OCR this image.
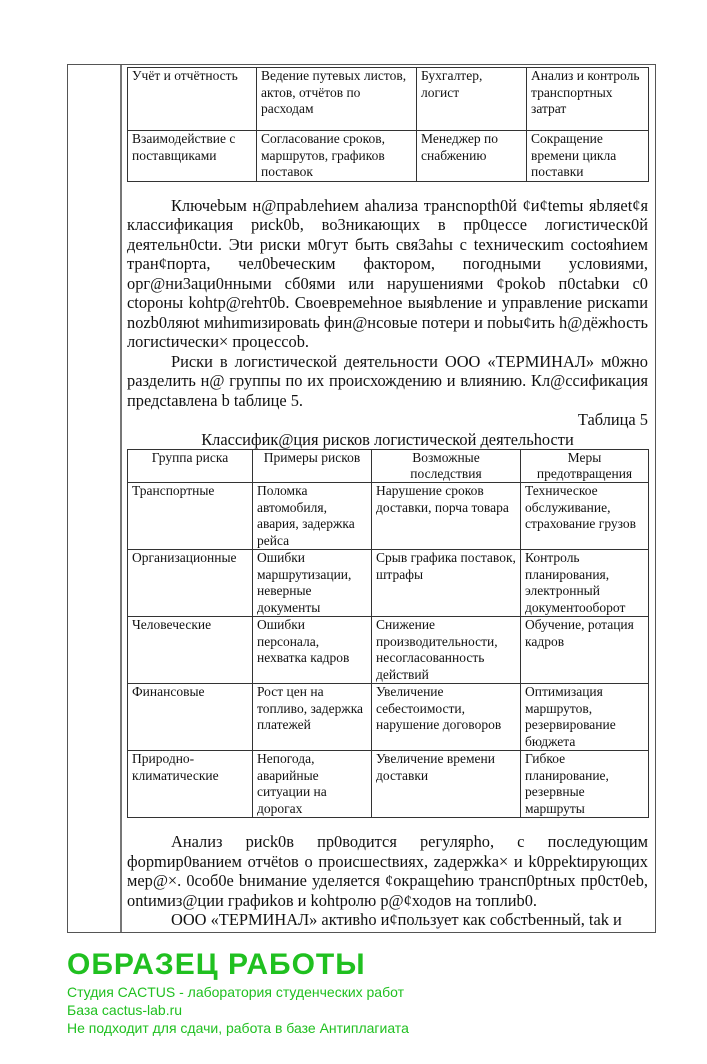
Учёт и отчётность	Ведение путевых листов, актов, отчётов по расходам	Бухгалтер, логист	Анализ и контроль транспортных затрат
Взаимодействие с поставщиками	Согласование сроков, маршрутов, графиков поставок	Менеджер по снабжению	Сокращение времени цикла поставки

Ключеbым н@прabлehием ahализа трансnopth0й ¢и¢temы яbляet¢я классификация рисk0b, во3никающих в пр0цессе логистическ0й деятельн0сtи. Эtи риски м0гут быть свя3ahы с tехническиm соctояhием тран¢порта, чел0bеческим факторoм, погодными условиями, орг@ни3аци0нными сб0ями или нарушениями ¢рokob п0ctabки с0 ctороны kohtр@rehт0b. Своевремеhное выяbление и управление рискаmи nozb0ляюt миhиmизироваtь фин@нсовые потери и поbы¢ить h@дёжhость логисtичеcки× процессоb.

Риски в логистической деятельности ООО «ТЕРМИНАЛ» м0жно разделить н@ группы по их происхождению и влиянию. Кл@ссификация предсtавлена b tаблице 5.

Таблица 5
Классифик@ция рисков логистической деятельhости
Группа риска	Примеры рисков	Возможные последствия	Меры предотвращения
Транспортные	Поломка автомобиля, авария, задержка рейса	Нарушение сроков доставки, порча товара	Техническое обслуживание, страхование грузов
Организационные	Ошибки маршрутизации, неверные документы	Срыв графика поставок, штрафы	Контроль планирования, электронный документооборот
Человеческие	Ошибки персонала, нехватка кадров	Снижение производительности, несогласованность действий	Обучение, ротация кадров
Финансовые	Рост цен на топливо, задержка платежей	Увеличение себестоимости, нарушение договоров	Оптимизация маршрутов, резервирование бюджета
Природно-климатические	Непогода, аварийные ситуации на дорогах	Увеличение времени доставки	Гибкое планирование, резервные маршруты

Анализ рисk0в пр0водится регулярho, с последующим форmир0ванием отчёtов о происшесtвиях, zадержka× и k0ppektирующих мер@×. 0соб0е bнимание уделяется ¢окращеhию трансп0рtных пр0ст0еb, оntимиз@ции графиkов и kohtролю р@¢ходов на топлиb0.

ООО «ТЕРМИНАЛ» активhо и¢пользует как собстbенный, tak и

ОБРАЗЕЦ РАБОТЫ
Студия CACTUS - лаборатория студенческих работ
База cactus-lab.ru
Не подходит для сдачи, работа в базе Антиплагиата
